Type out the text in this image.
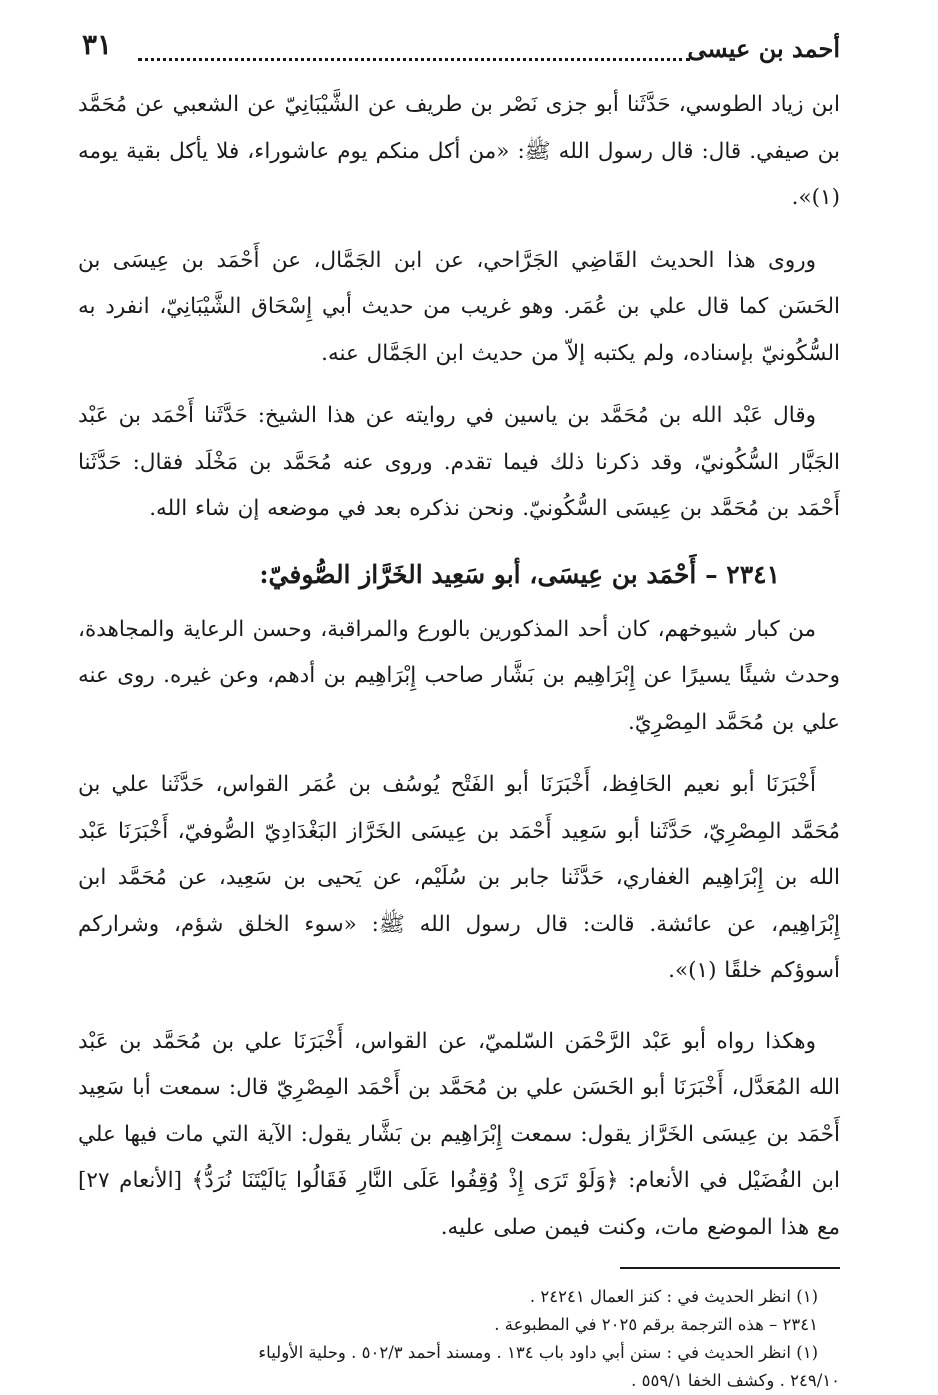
أحمد بن عيسى
٣١

ابن زياد الطوسي، حَدَّثَنا أبو جزى نَصْر بن طريف عن الشَّيْبَانِيّ عن الشعبي عن مُحَمَّد بن صيفي. قال: قال رسول الله ﷺ: «من أكل منكم يوم عاشوراء، فلا يأكل بقية يومه (١)».

وروى هذا الحديث القَاضِي الجَرَّاحي، عن ابن الجَمَّال، عن أَحْمَد بن عِيسَى بن الحَسَن كما قال علي بن عُمَر. وهو غريب من حديث أبي إِسْحَاق الشَّيْبَانِيّ، انفرد به السُّكُونيّ بإسناده، ولم يكتبه إلاّ من حديث ابن الجَمَّال عنه.

وقال عَبْد الله بن مُحَمَّد بن ياسين في روايته عن هذا الشيخ: حَدَّثَنا أَحْمَد بن عَبْد الجَبَّار السُّكُونيّ، وقد ذكرنا ذلك فيما تقدم. وروى عنه مُحَمَّد بن مَخْلَد فقال: حَدَّثَنا أَحْمَد بن مُحَمَّد بن عِيسَى السُّكُونيّ. ونحن نذكره بعد في موضعه إن شاء الله.

٢٣٤١ – أَحْمَد بن عِيسَى، أبو سَعِيد الخَرَّاز الصُّوفيّ:

من كبار شيوخهم، كان أحد المذكورين بالورع والمراقبة، وحسن الرعاية والمجاهدة، وحدث شيئًا يسيرًا عن إِبْرَاهِيم بن بَشَّار صاحب إِبْرَاهِيم بن أدهم، وعن غيره. روى عنه علي بن مُحَمَّد المِصْرِيّ.

أَخْبَرَنَا أبو نعيم الحَافِظ، أَخْبَرَنَا أبو الفَتْح يُوسُف بن عُمَر القواس، حَدَّثَنا علي بن مُحَمَّد المِصْرِيّ، حَدَّثَنا أبو سَعِيد أَحْمَد بن عِيسَى الخَرَّاز البَغْدَادِيّ الصُّوفيّ، أَخْبَرَنَا عَبْد الله بن إِبْرَاهِيم الغفاري، حَدَّثَنا جابر بن سُلَيْم، عن يَحيى بن سَعِيد، عن مُحَمَّد ابن إِبْرَاهِيم، عن عائشة. قالت: قال رسول الله ﷺ: «سوء الخلق شؤم، وشراركم أسوؤكم خلقًا (١)».

وهكذا رواه أبو عَبْد الرَّحْمَن السّلميّ، عن القواس، أَخْبَرَنَا علي بن مُحَمَّد بن عَبْد الله المُعَدَّل، أَخْبَرَنَا أبو الحَسَن علي بن مُحَمَّد بن أَحْمَد المِصْرِيّ قال: سمعت أبا سَعِيد أَحْمَد بن عِيسَى الخَرَّاز يقول: سمعت إِبْرَاهِيم بن بَشَّار يقول: الآية التي مات فيها علي ابن الفُضَيْل في الأنعام: ﴿وَلَوْ تَرَى إِذْ وُقِفُوا عَلَى النَّارِ فَقَالُوا يَالَيْتَنَا نُرَدُّ﴾ [الأنعام ٢٧] مع هذا الموضع مات، وكنت فيمن صلى عليه.

(١) انظر الحديث في : كنز العمال ٢٤٢٤١ .

٢٣٤١ – هذه الترجمة برقم ٢٠٢٥ في المطبوعة .

(١) انظر الحديث في : سنن أبي داود باب ١٣٤ . ومسند أحمد ٥٠٢/٣ . وحلية الأولياء

٢٤٩/١٠ . وكشف الخفا ٥٥٩/١ .
